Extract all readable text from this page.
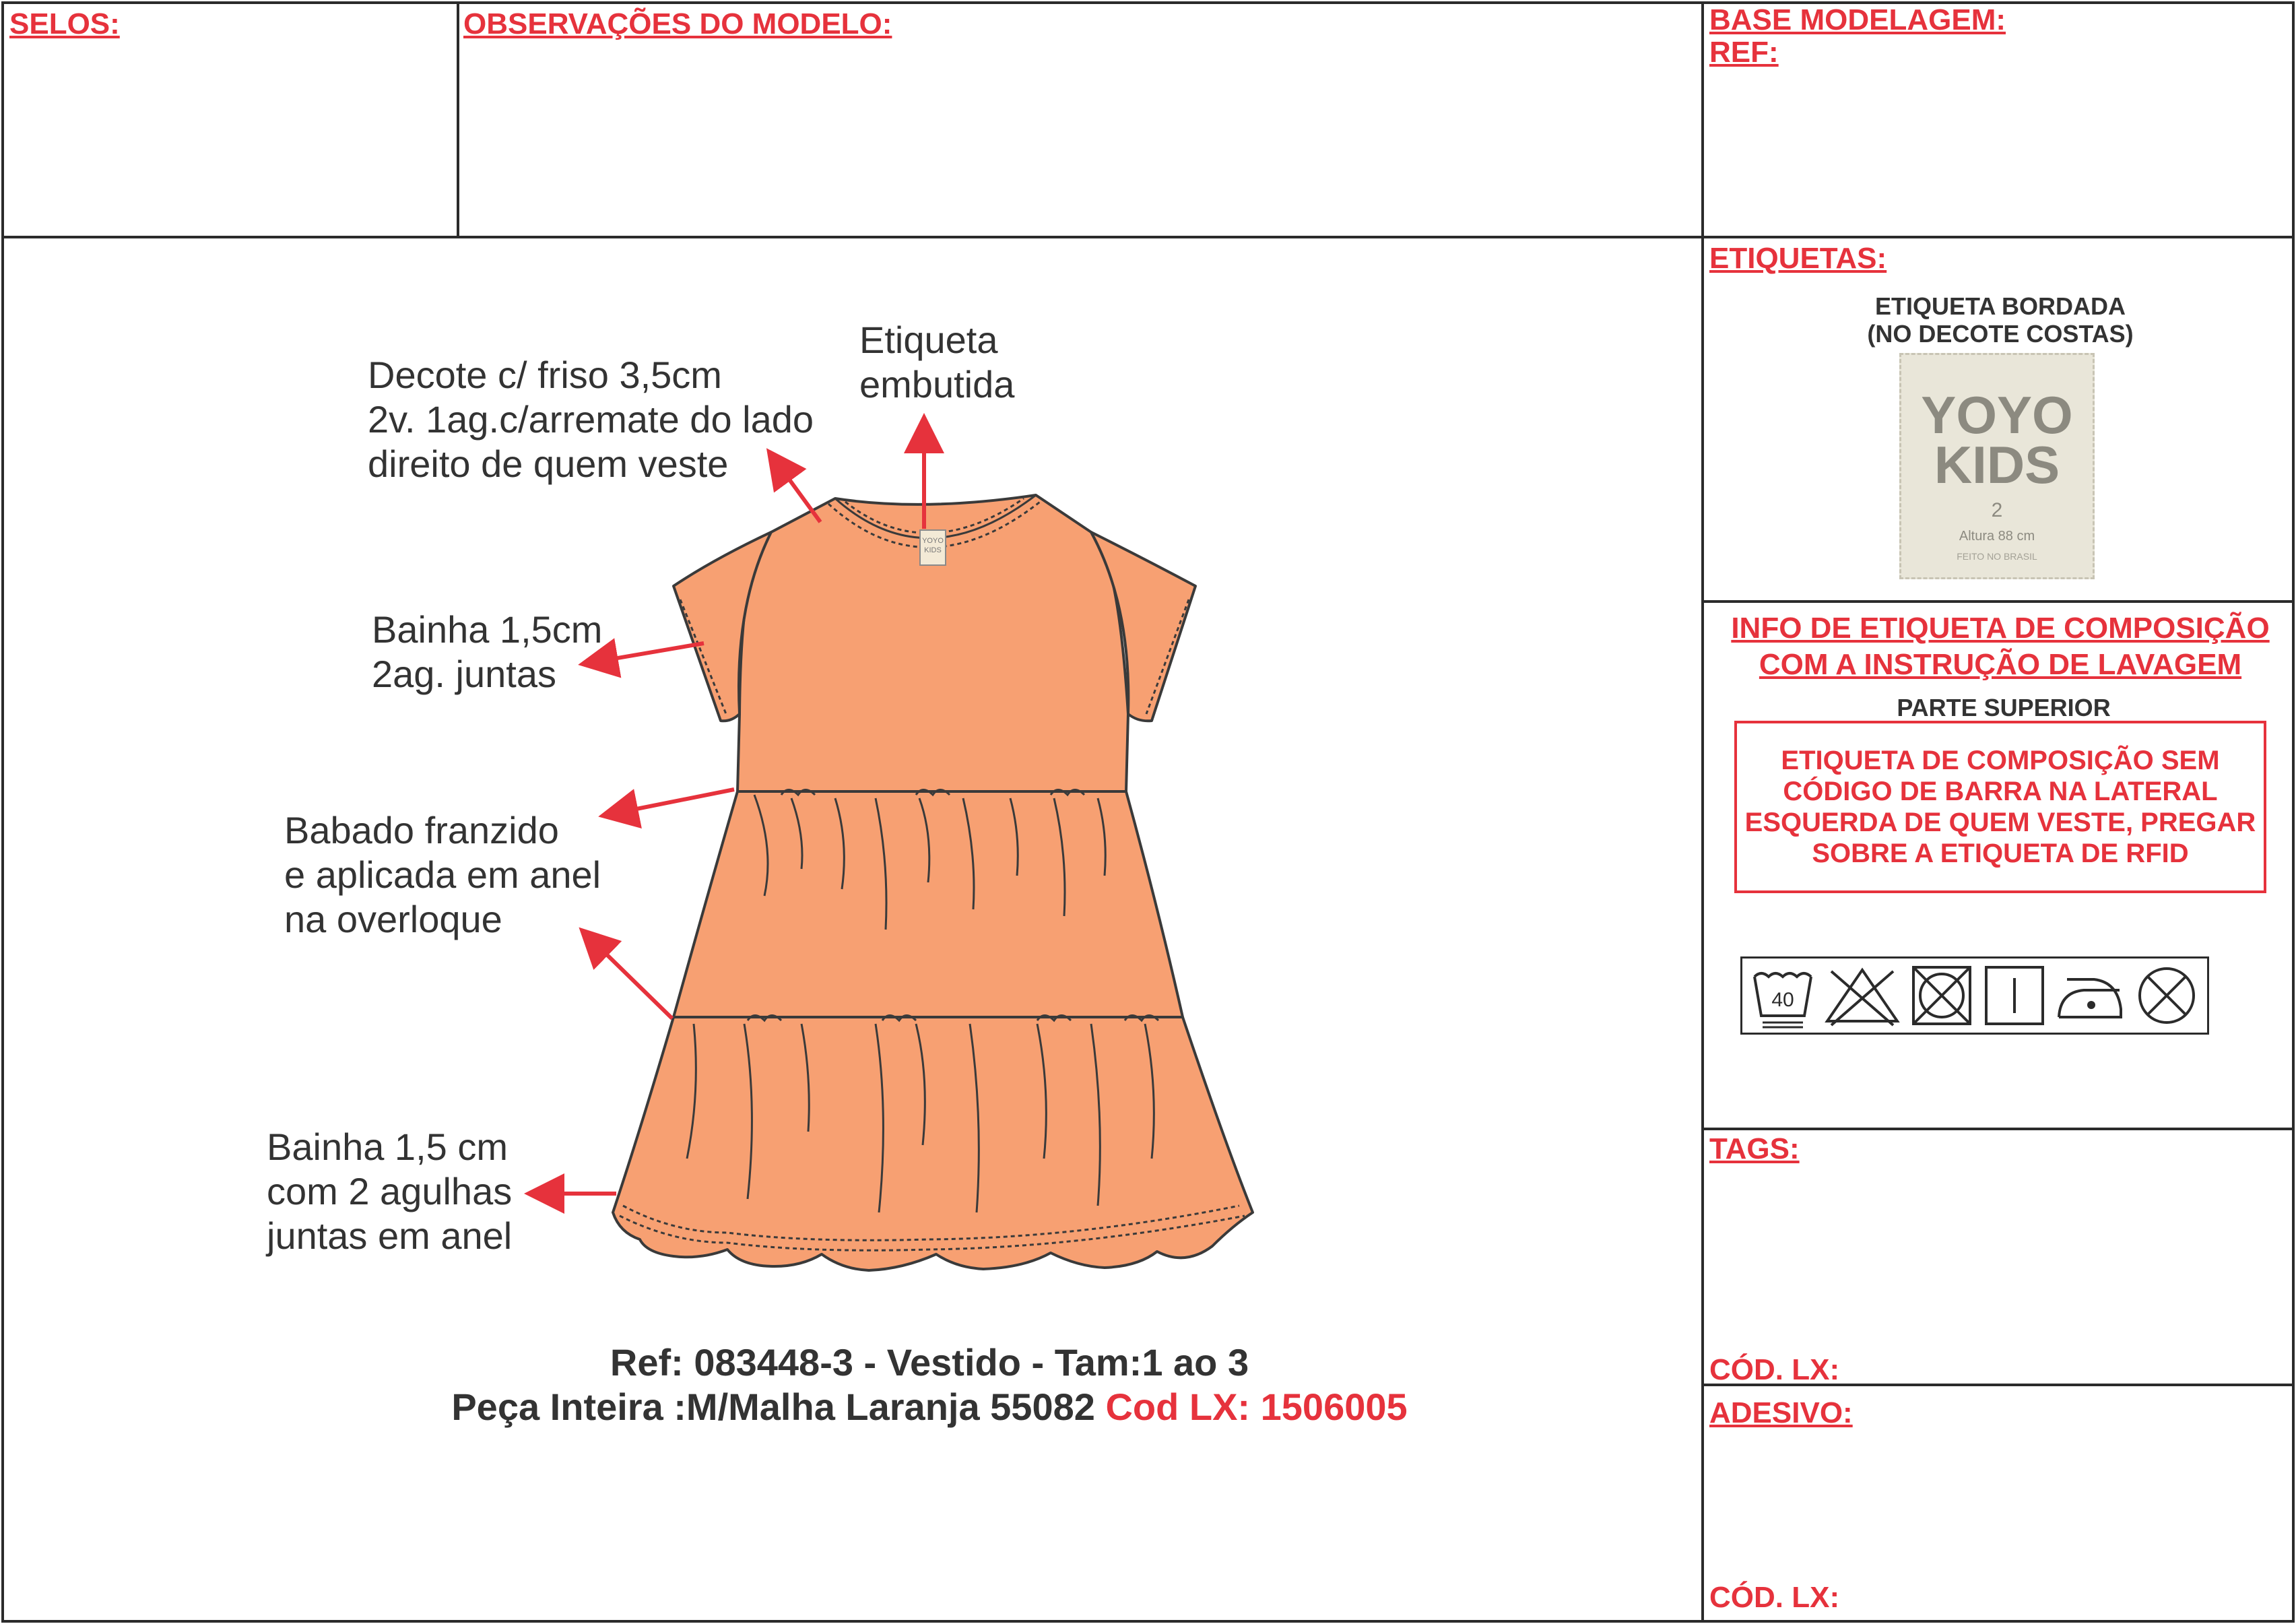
SELOS:	OBSERVAÇÕES DO MODELO:	BASE MODELAGEM:
REF:
YOYO
KIDS
Decote c/ friso 3,5cm
2v. 1ag.c/arremate do lado
direito de quem veste
Etiqueta
embutida
Bainha 1,5cm
2ag. juntas
Babado franzido
e aplicada em anel
na overloque
Bainha 1,5 cm
com 2 agulhas
juntas em anel
Ref: 083448-3 - Vestido - Tam:1 ao 3
Peça Inteira :M/Malha Laranja 55082 Cod LX: 1506005
ETIQUETAS:
ETIQUETA BORDADA
(NO DECOTE COSTAS)
YOYO
KIDS
2
Altura 88 cm
FEITO NO BRASIL
INFO DE ETIQUETA DE COMPOSIÇÃO
COM A INSTRUÇÃO DE LAVAGEM
PARTE SUPERIOR
ETIQUETA DE COMPOSIÇÃO SEM
CÓDIGO DE BARRA NA LATERAL
ESQUERDA DE QUEM VESTE, PREGAR
SOBRE A ETIQUETA DE RFID
40
TAGS:
CÓD. LX:
ADESIVO:
CÓD. LX:
